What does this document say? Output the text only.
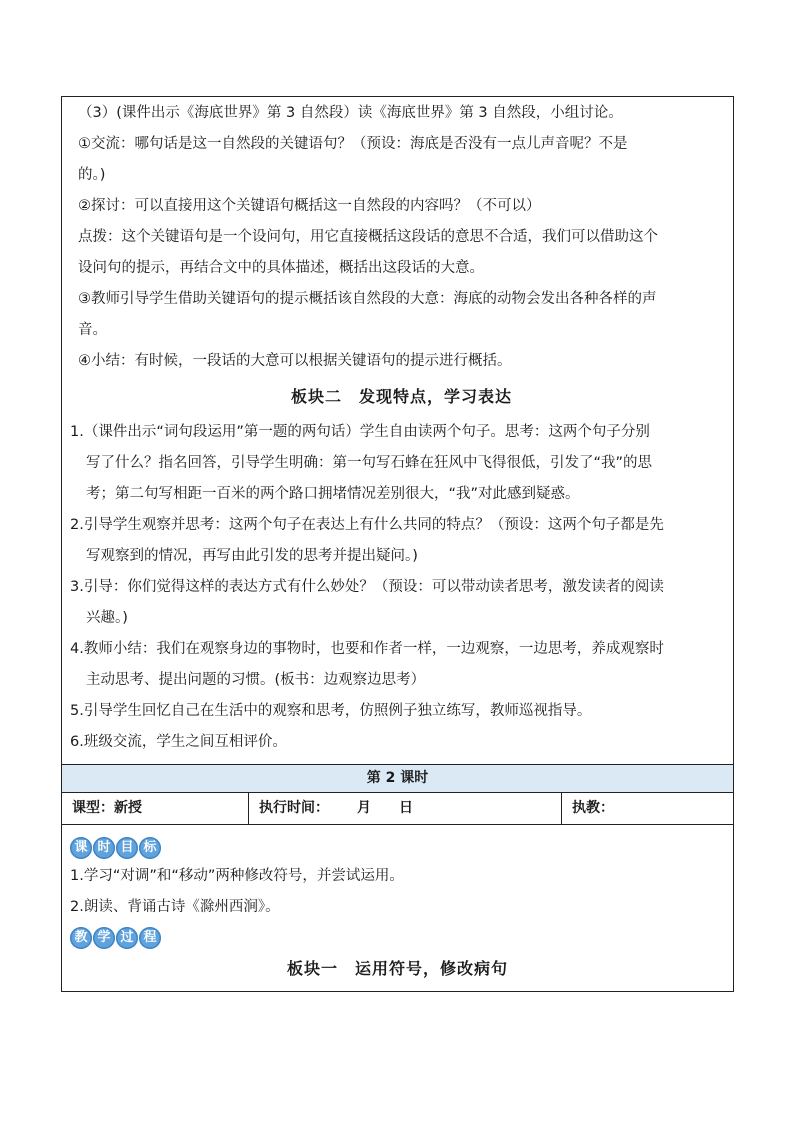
（3）(课件出示《海底世界》第 3 自然段）读《海底世界》第 3 自然段，小组讨论。
①交流：哪句话是这一自然段的关键语句？（预设：海底是否没有一点儿声音呢？不是
的。)
②探讨：可以直接用这个关键语句概括这一自然段的内容吗？（不可以）
点拨：这个关键语句是一个设问句，用它直接概括这段话的意思不合适，我们可以借助这个
设问句的提示，再结合文中的具体描述，概括出这段话的大意。
③教师引导学生借助关键语句的提示概括该自然段的大意：海底的动物会发出各种各样的声
音。
④小结：有时候，一段话的大意可以根据关键语句的提示进行概括。
板块二　发现特点，学习表达
1.（课件出示“词句段运用”第一题的两句话）学生自由读两个句子。思考：这两个句子分别
写了什么？指名回答，引导学生明确：第一句写石蜂在狂风中飞得很低，引发了“我”的思
考；第二句写相距一百米的两个路口拥堵情况差别很大，“我”对此感到疑惑。
2.引导学生观察并思考：这两个句子在表达上有什么共同的特点？（预设：这两个句子都是先
写观察到的情况，再写由此引发的思考并提出疑问。)
3.引导：你们觉得这样的表达方式有什么妙处？（预设：可以带动读者思考，激发读者的阅读
兴趣。)
4.教师小结：我们在观察身边的事物时，也要和作者一样，一边观察，一边思考，养成观察时
主动思考、提出问题的习惯。(板书：边观察边思考）
5.引导学生回忆自己在生活中的观察和思考，仿照例子独立练写，教师巡视指导。
6.班级交流，学生之间互相评价。

第 2 课时

课型：新授	执行时间： 月 日	执教：

课 时 目 标
1.学习“对调”和“移动”两种修改符号，并尝试运用。
2.朗读、背诵古诗《滁州西涧》。
教 学 过 程
板块一　运用符号，修改病句
